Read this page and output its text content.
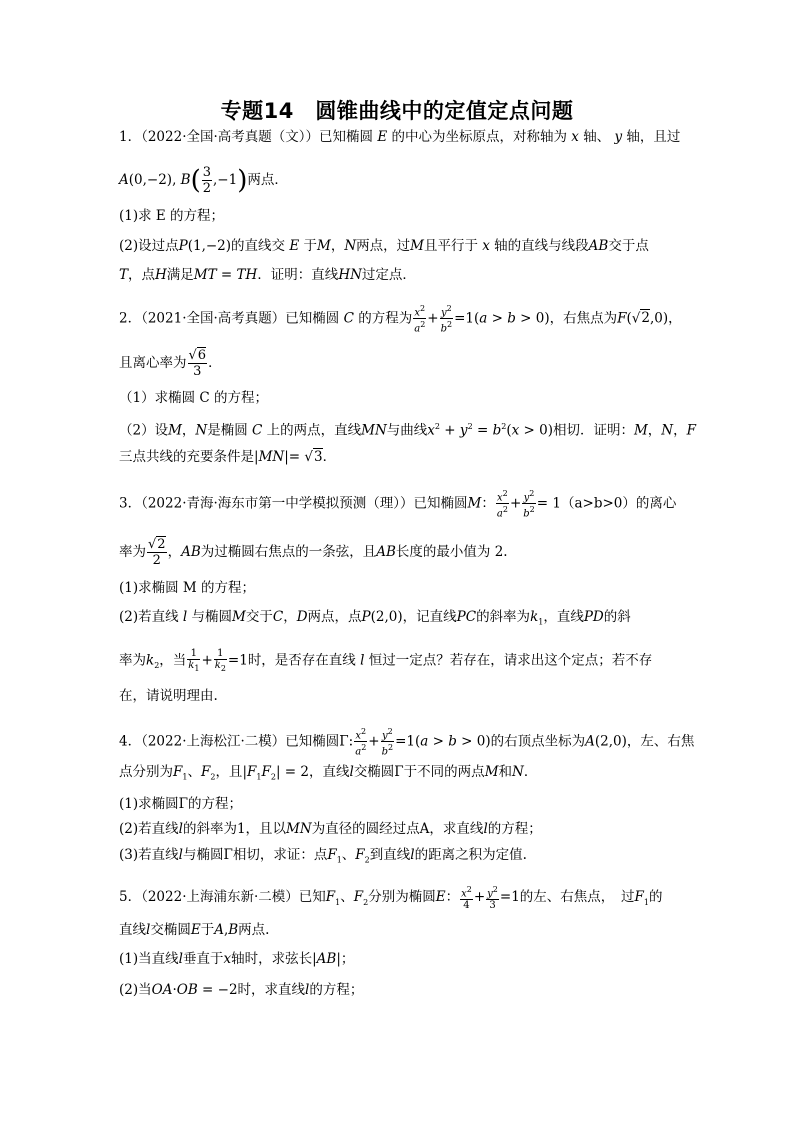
专题14　圆锥曲线中的定值定点问题
1．（2022·全国·高考真题（文））已知椭圆 E 的中心为坐标原点，对称轴为 x 轴、 y 轴，且过
A(0,−2), $B( \frac{3}{2} ,-1)$两点．
(1)求 E 的方程；
(2)设过点P(1,−2)的直线交 E 于M，N两点，过M且平行于 x 轴的直线与线段AB交于点
T，点H满足MT = TH．证明：直线HN过定点．
2．（2021·全国·高考真题）已知椭圆 C 的方程为 $\frac{x^2}{a^2} + \frac{y^2}{b^2} =1(a > b > 0)$，右焦点为F(√2,0)，
且离心率为 $\frac{√6}{3}$ ．
（1）求椭圆 C 的方程；
（2）设M，N是椭圆 C 上的两点，直线MN与曲线$x^2 + y^2 = b^2(x > 0)$相切．证明：M，N，F
三点共线的充要条件是|MN|= √3．
3．（2022·青海·海东市第一中学模拟预测（理））已知椭圆M： $\frac{x^2}{a^2} + \frac{y^2}{b^2} = 1(a>b>0)$的离心
率为 $\frac{√2}{2}$ ，AB为过椭圆右焦点的一条弦，且AB长度的最小值为 2.
(1)求椭圆 M 的方程；
(2)若直线 l 与椭圆M交于C，D两点，点P(2,0)，记直线PC的斜率为$k_1$，直线PD的斜
率为$k_2$，当 $\frac{1}{k_1} + \frac{1}{k_2} =1$时，是否存在直线 l 恒过一定点？若存在，请求出这个定点；若不存
在，请说明理由.
4．（2022·上海松江·二模）已知椭圆Γ: $\frac{x^2}{a^2} + \frac{y^2}{b^2} =1(a > b > 0)$的右顶点坐标为A(2,0)，左、右焦
点分别为$F_1$、$F_2$，且$|F_1F_2| = 2$，直线l交椭圆Γ于不同的两点M和N．
(1)求椭圆Γ的方程；
(2)若直线l的斜率为1，且以MN为直径的圆经过点A，求直线l的方程；
(3)若直线l与椭圆Γ相切，求证：点$F_1$、$F_2$到直线l的距离之积为定值.
5．（2022·上海浦东新·二模）已知$F_1$、$F_2$分别为椭圆E： $\frac{x^2}{4} + \frac{y^2}{3} =1$的左、右焦点，　过$F_1$的
直线l交椭圆E于A,B两点.
(1)当直线l垂直于x轴时，求弦长|AB|；
(2)当OA·OB = −2时，求直线l的方程；
